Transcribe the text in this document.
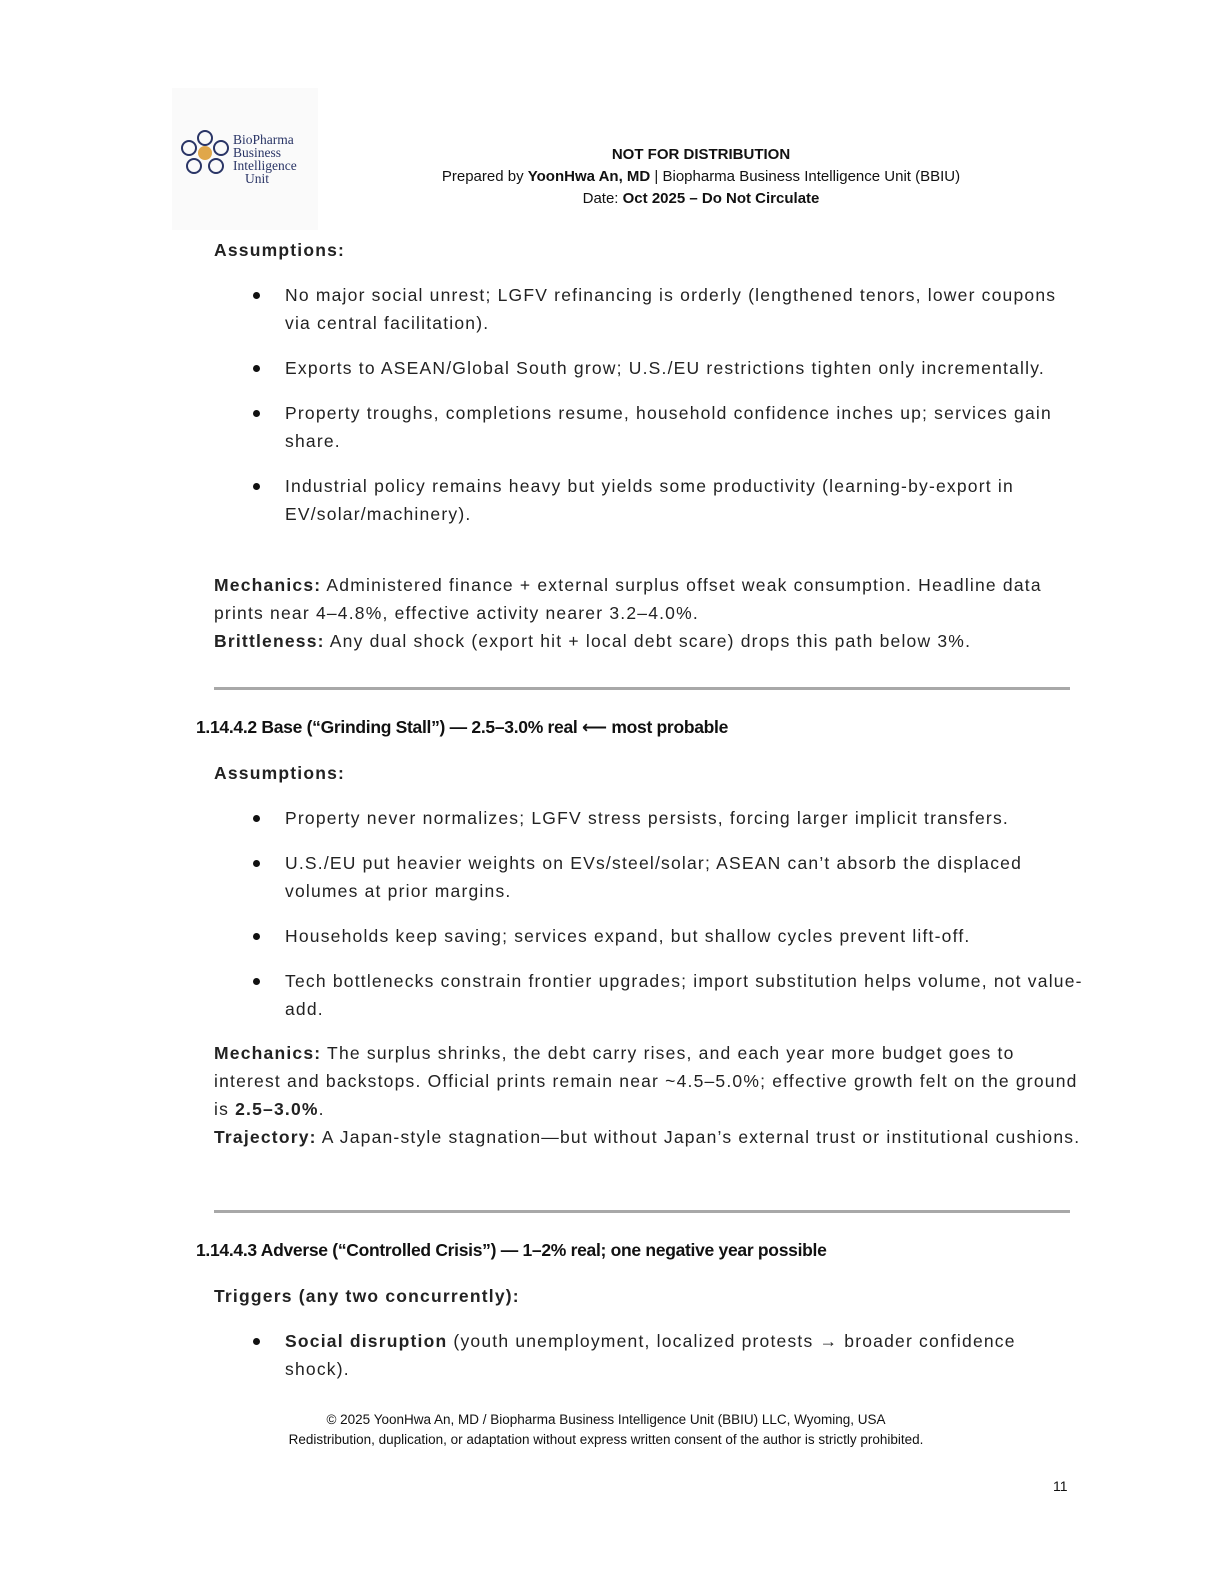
BioPharma
Business
Intelligence
Unit
NOT FOR DISTRIBUTION
Prepared by YoonHwa An, MD | Biopharma Business Intelligence Unit (BBIU)
Date: Oct 2025 – Do Not Circulate
Assumptions:
No major social unrest; LGFV refinancing is orderly (lengthened tenors, lower coupons via central facilitation).
Exports to ASEAN/Global South grow; U.S./EU restrictions tighten only incrementally.
Property troughs, completions resume, household confidence inches up; services gain share.
Industrial policy remains heavy but yields some productivity (learning-by-export in EV/solar/machinery).
Mechanics: Administered finance + external surplus offset weak consumption. Headline data prints near 4–4.8%, effective activity nearer 3.2–4.0%.
Brittleness: Any dual shock (export hit + local debt scare) drops this path below 3%.
1.14.4.2 Base (“Grinding Stall”) — 2.5–3.0% real ⟵ most probable
Assumptions:
Property never normalizes; LGFV stress persists, forcing larger implicit transfers.
U.S./EU put heavier weights on EVs/steel/solar; ASEAN can’t absorb the displaced volumes at prior margins.
Households keep saving; services expand, but shallow cycles prevent lift-off.
Tech bottlenecks constrain frontier upgrades; import substitution helps volume, not value-add.
Mechanics: The surplus shrinks, the debt carry rises, and each year more budget goes to interest and backstops. Official prints remain near ~4.5–5.0%; effective growth felt on the ground is 2.5–3.0%.
Trajectory: A Japan-style stagnation—but without Japan’s external trust or institutional cushions.
1.14.4.3 Adverse (“Controlled Crisis”) — 1–2% real; one negative year possible
Triggers (any two concurrently):
Social disruption (youth unemployment, localized protests → broader confidence shock).
© 2025 YoonHwa An, MD / Biopharma Business Intelligence Unit (BBIU) LLC, Wyoming, USA
Redistribution, duplication, or adaptation without express written consent of the author is strictly prohibited.
11
